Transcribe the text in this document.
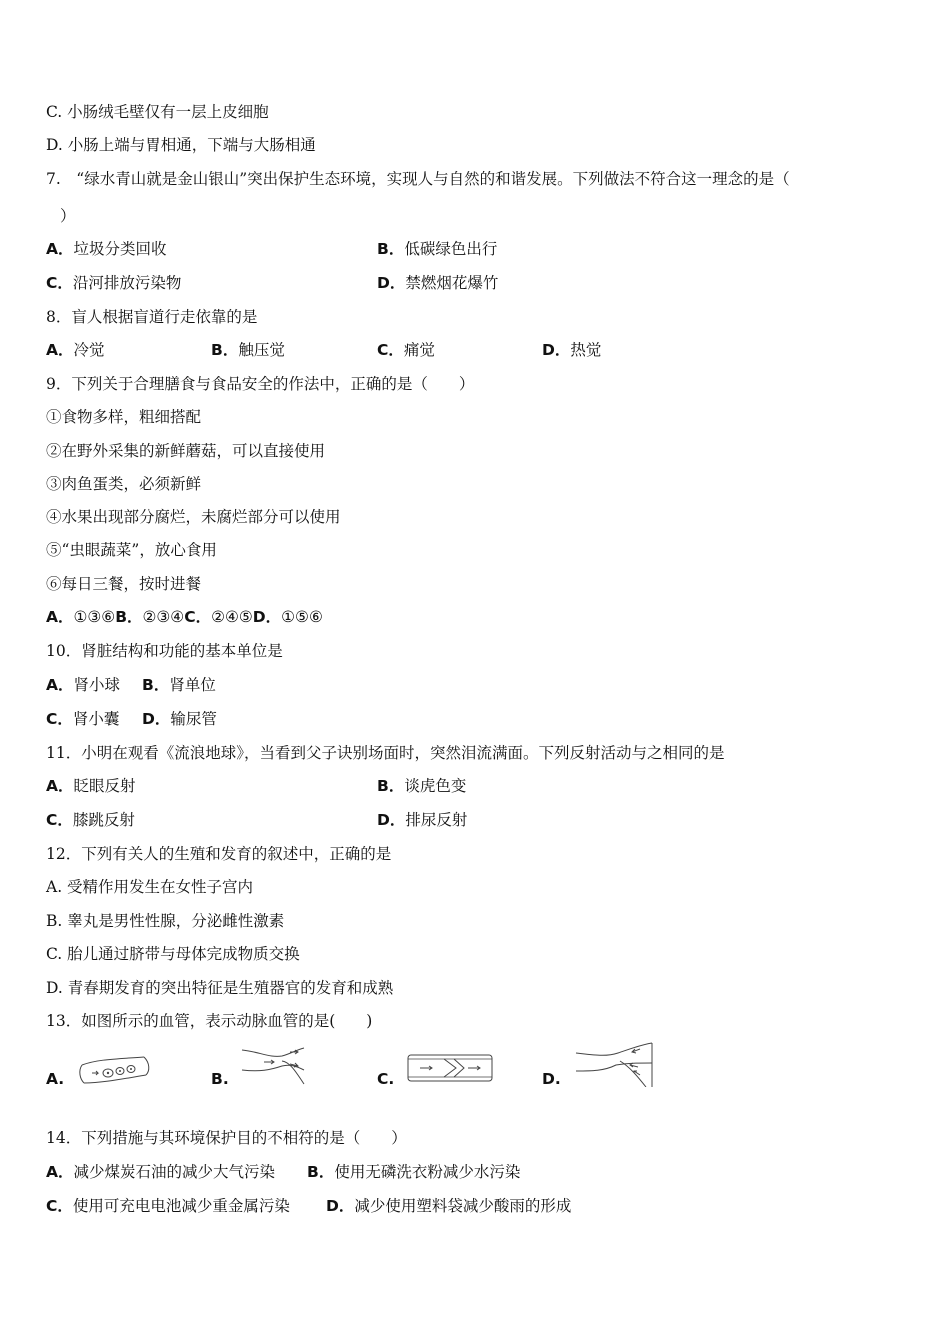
C. 小肠绒毛壁仅有一层上皮细胞
D. 小肠上端与胃相通，下端与大肠相通
7.　“绿水青山就是金山银山”突出保护生态环境，实现人与自然的和谐发展。下列做法不符合这一理念的是（
）
A．垃圾分类回收	B．低碳绿色出行
C．沿河排放污染物	D．禁燃烟花爆竹
8．盲人根据盲道行走依靠的是
A．冷觉	B．触压觉	C．痛觉	D．热觉
9．下列关于合理膳食与食品安全的作法中，正确的是（　　）
①食物多样，粗细搭配
②在野外采集的新鲜蘑菇，可以直接使用
③肉鱼蛋类，必须新鲜
④水果出现部分腐烂，未腐烂部分可以使用
⑤“虫眼蔬菜”，放心食用
⑥每日三餐，按时进餐
A．①③⑥B．②③④C．②④⑤D．①⑤⑥
10．肾脏结构和功能的基本单位是
A．肾小球 B．肾单位
C．肾小囊 D．输尿管
11．小明在观看《流浪地球》，当看到父子诀别场面时，突然泪流满面。下列反射活动与之相同的是
A．眨眼反射	B．谈虎色变
C．膝跳反射	D．排尿反射
12．下列有关人的生殖和发育的叙述中，正确的是
A. 受精作用发生在女性子宫内
B. 睾丸是男性性腺，分泌雌性激素
C. 胎儿通过脐带与母体完成物质交换
D. 青春期发育的突出特征是生殖器官的发育和成熟
13．如图所示的血管，表示动脉血管的是(　　)
A.	B.	C.	D.
14．下列措施与其环境保护目的不相符的是（　　）
A．减少煤炭石油的减少大气污染 B．使用无磷洗衣粉减少水污染
C．使用可充电电池减少重金属污染 D．减少使用塑料袋减少酸雨的形成
